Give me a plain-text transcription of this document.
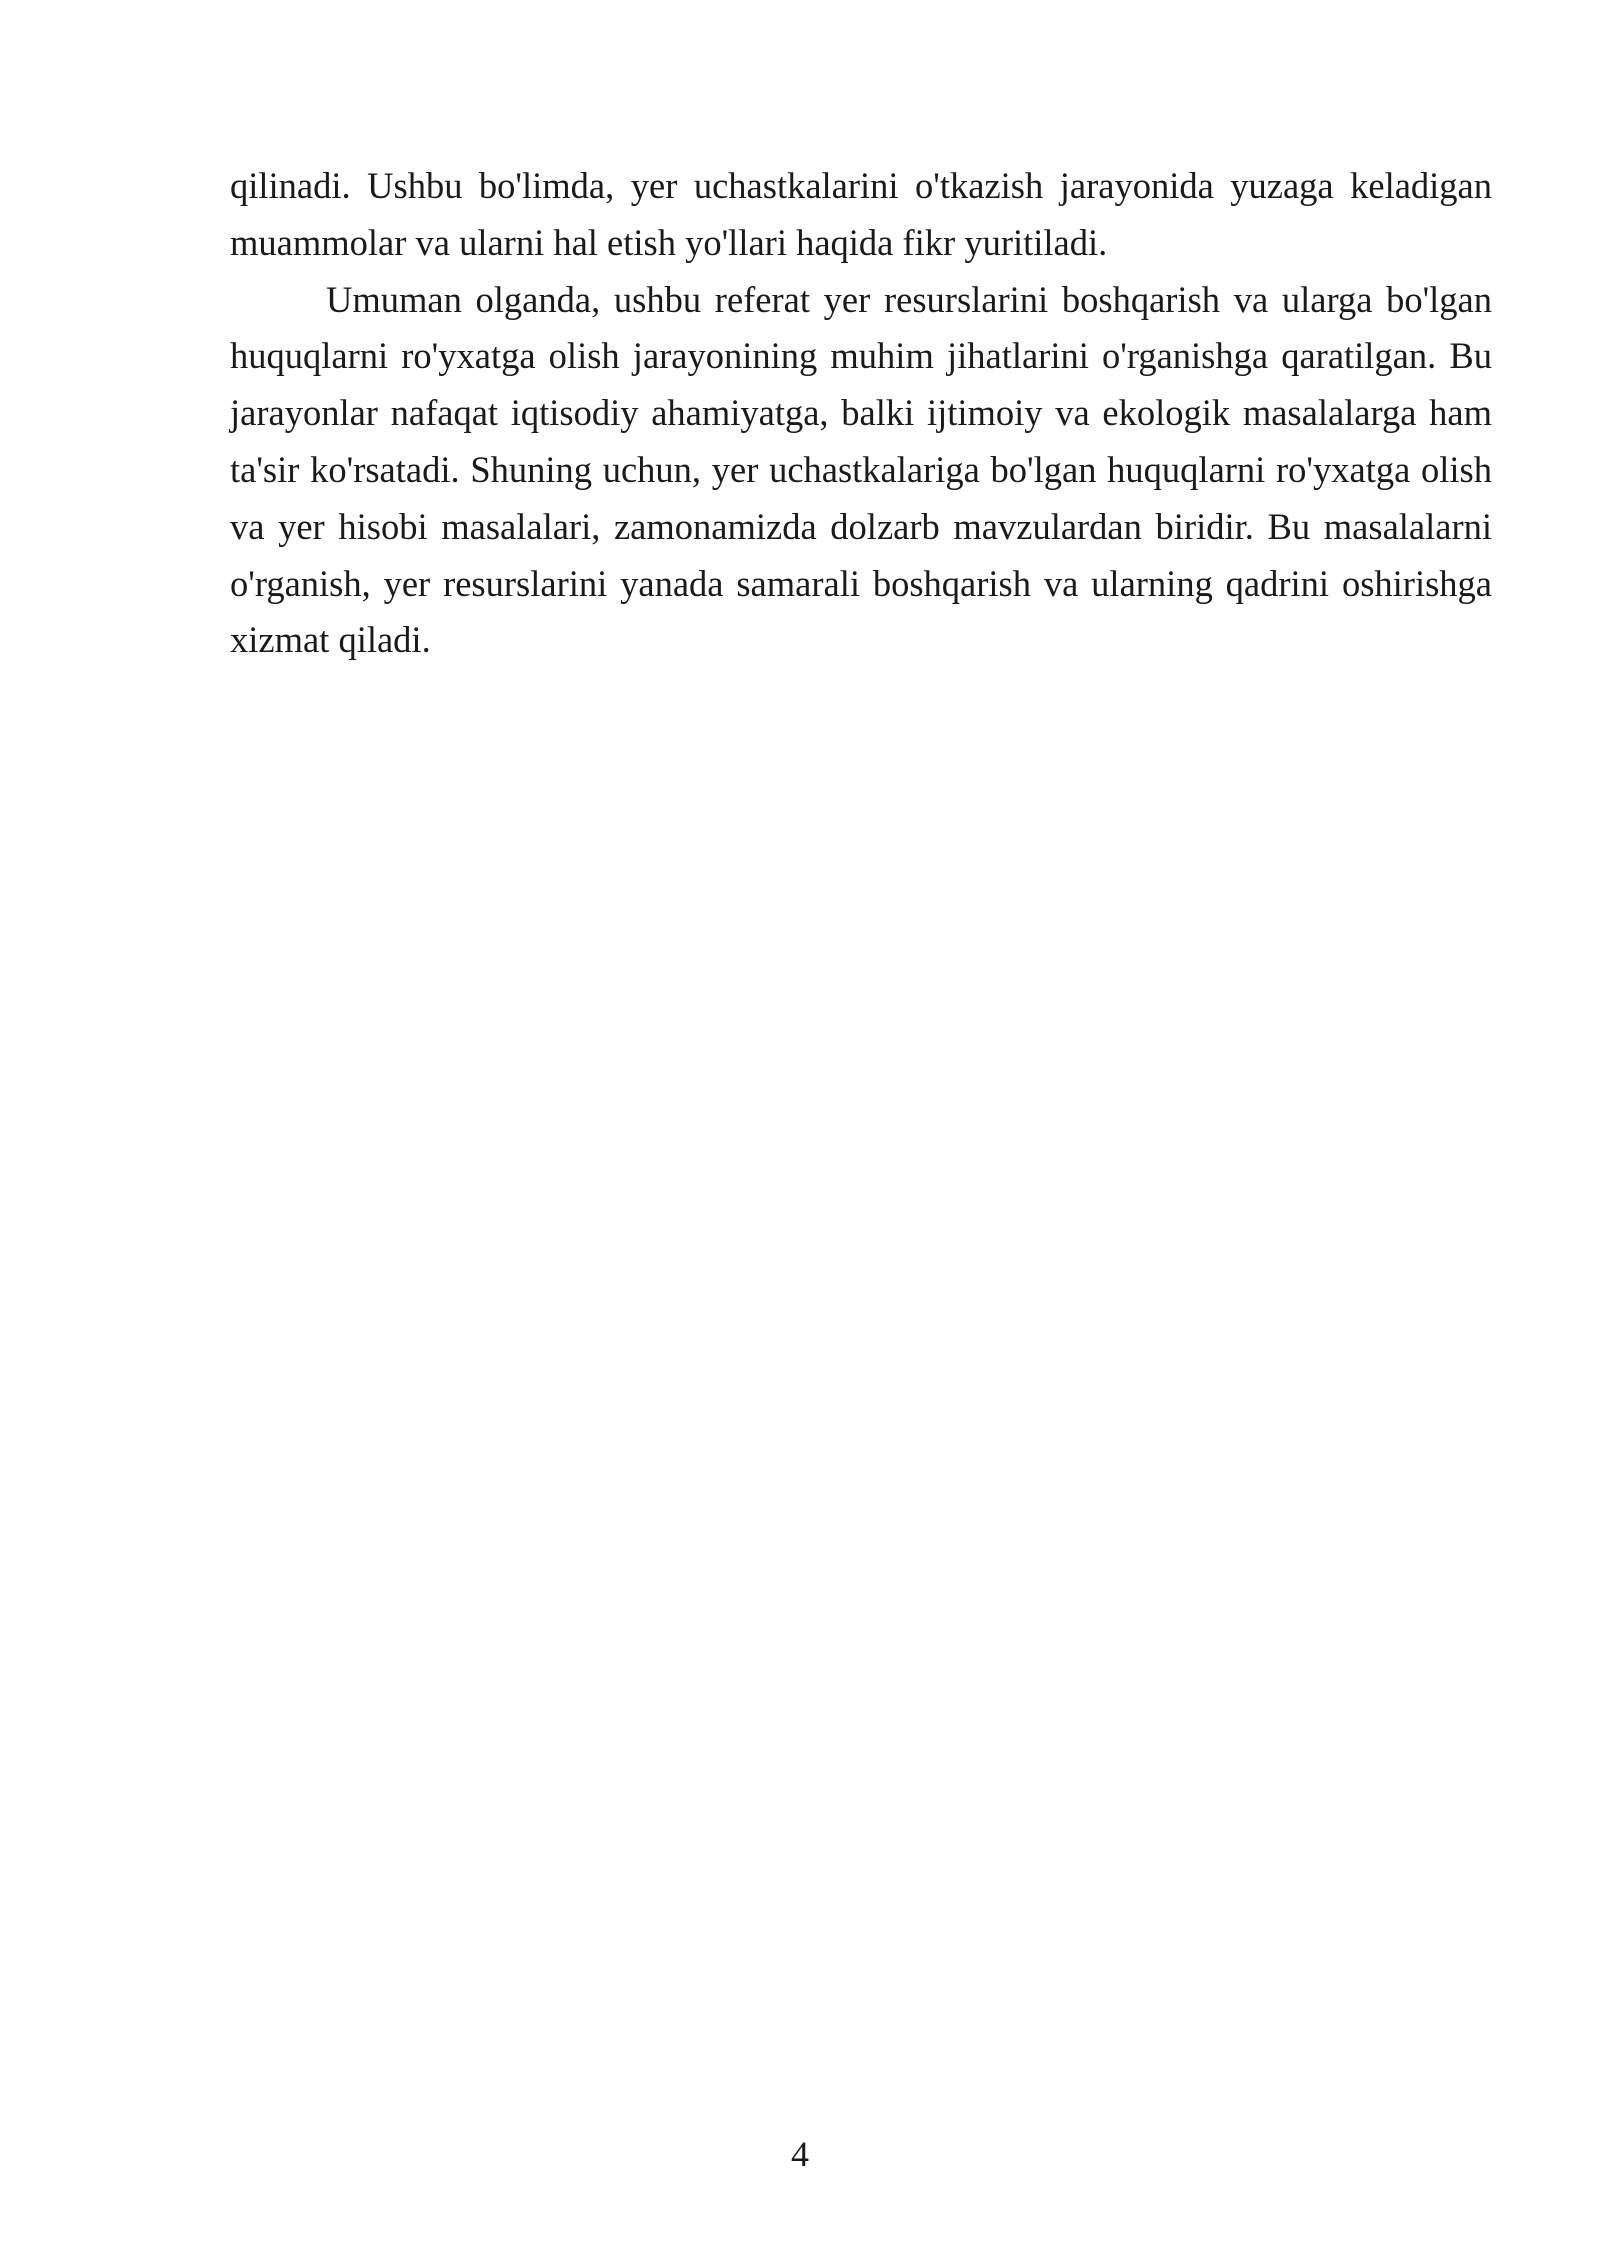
qilinadi. Ushbu bo'limda, yer uchastkalarini o'tkazish jarayonida yuzaga keladigan muammolar va ularni hal etish yo'llari haqida fikr yuritiladi.

Umuman olganda, ushbu referat yer resurslarini boshqarish va ularga bo'lgan huquqlarni ro'yxatga olish jarayonining muhim jihatlarini o'rganishga qaratilgan. Bu jarayonlar nafaqat iqtisodiy ahamiyatga, balki ijtimoiy va ekologik masalalarga ham ta'sir ko'rsatadi. Shuning uchun, yer uchastkalariga bo'lgan huquqlarni ro'yxatga olish va yer hisobi masalalari, zamonamizda dolzarb mavzulardan biridir. Bu masalalarni o'rganish, yer resurslarini yanada samarali boshqarish va ularning qadrini oshirishga xizmat qiladi.

4
